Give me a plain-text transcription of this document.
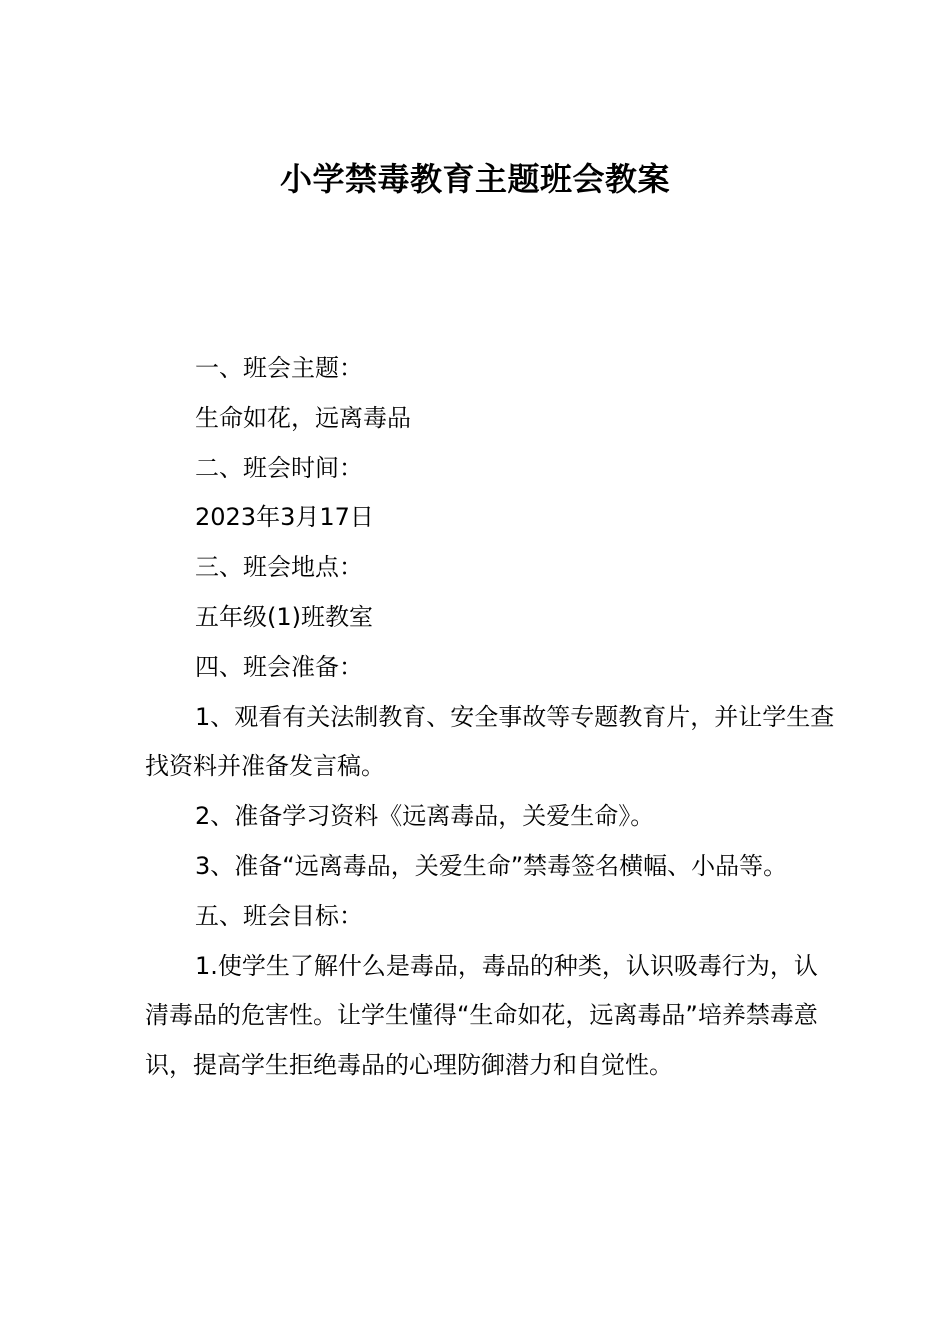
小学禁毒教育主题班会教案

一、班会主题：

生命如花，远离毒品

二、班会时间：

2023年3月17日

三、班会地点：

五年级(1)班教室

四、班会准备：

1、观看有关法制教育、安全事故等专题教育片，并让学生查找资料并准备发言稿。

2、准备学习资料《远离毒品，关爱生命》。

3、准备“远离毒品，关爱生命”禁毒签名横幅、小品等。

五、班会目标：

1.使学生了解什么是毒品，毒品的种类，认识吸毒行为，认清毒品的危害性。让学生懂得“生命如花，远离毒品”培养禁毒意识，提高学生拒绝毒品的心理防御潜力和自觉性。
